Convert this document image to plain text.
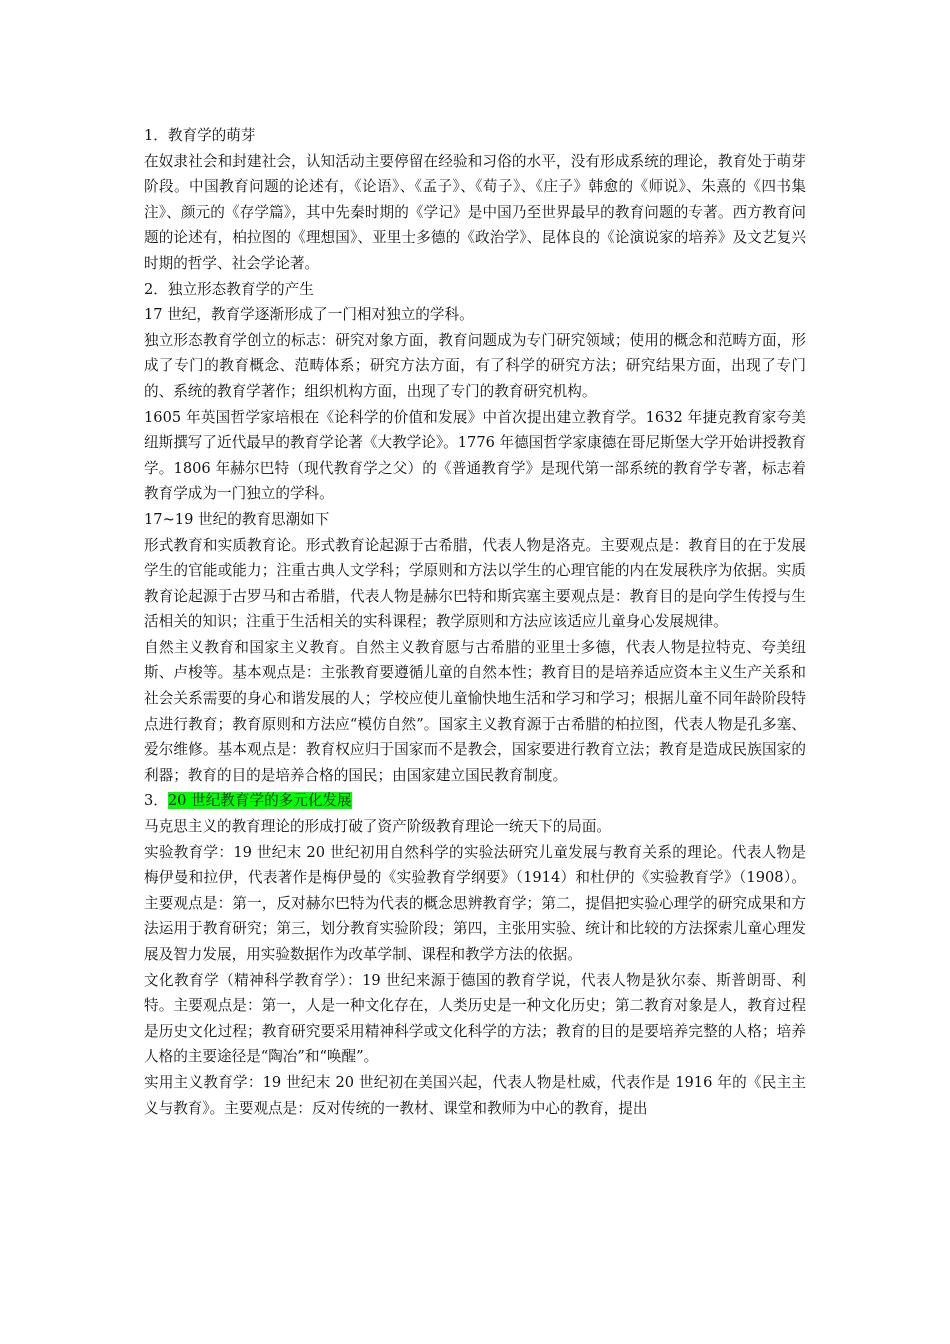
1．教育学的萌芽

在奴隶社会和封建社会，认知活动主要停留在经验和习俗的水平，没有形成系统的理论，教育处于萌芽阶段。中国教育问题的论述有，《论语》、《孟子》、《荀子》、《庄子》韩愈的《师说》、朱熹的《四书集注》、颜元的《存学篇》，其中先秦时期的《学记》是中国乃至世界最早的教育问题的专著。西方教育问题的论述有，柏拉图的《理想国》、亚里士多德的《政治学》、昆体良的《论演说家的培养》及文艺复兴时期的哲学、社会学论著。

2．独立形态教育学的产生

17 世纪，教育学逐渐形成了一门相对独立的学科。

独立形态教育学创立的标志：研究对象方面，教育问题成为专门研究领域；使用的概念和范畴方面，形成了专门的教育概念、范畴体系；研究方法方面，有了科学的研究方法；研究结果方面，出现了专门的、系统的教育学著作；组织机构方面，出现了专门的教育研究机构。

1605 年英国哲学家培根在《论科学的价值和发展》中首次提出建立教育学。1632 年捷克教育家夸美纽斯撰写了近代最早的教育学论著《大教学论》。1776 年德国哲学家康德在哥尼斯堡大学开始讲授教育学。1806 年赫尔巴特（现代教育学之父）的《普通教育学》是现代第一部系统的教育学专著，标志着教育学成为一门独立的学科。

17~19 世纪的教育思潮如下

形式教育和实质教育论。形式教育论起源于古希腊，代表人物是洛克。主要观点是：教育目的在于发展学生的官能或能力；注重古典人文学科；学原则和方法以学生的心理官能的内在发展秩序为依据。实质教育论起源于古罗马和古希腊，代表人物是赫尔巴特和斯宾塞主要观点是：教育目的是向学生传授与生活相关的知识；注重于生活相关的实科课程；教学原则和方法应该适应儿童身心发展规律。

自然主义教育和国家主义教育。自然主义教育愿与古希腊的亚里士多德，代表人物是拉特克、夸美纽斯、卢梭等。基本观点是：主张教育要遵循儿童的自然本性；教育目的是培养适应资本主义生产关系和社会关系需要的身心和谐发展的人；学校应使儿童愉快地生活和学习和学习；根据儿童不同年龄阶段特点进行教育；教育原则和方法应“模仿自然”。国家主义教育源于古希腊的柏拉图，代表人物是孔多塞、爱尔维修。基本观点是：教育权应归于国家而不是教会，国家要进行教育立法；教育是造成民族国家的利器；教育的目的是培养合格的国民；由国家建立国民教育制度。

3．20 世纪教育学的多元化发展

马克思主义的教育理论的形成打破了资产阶级教育理论一统天下的局面。

实验教育学：19 世纪末 20 世纪初用自然科学的实验法研究儿童发展与教育关系的理论。代表人物是梅伊曼和拉伊，代表著作是梅伊曼的《实验教育学纲要》（1914）和杜伊的《实验教育学》（1908）。主要观点是：第一，反对赫尔巴特为代表的概念思辨教育学；第二，提倡把实验心理学的研究成果和方法运用于教育研究；第三，划分教育实验阶段；第四，主张用实验、统计和比较的方法探索儿童心理发展及智力发展，用实验数据作为改革学制、课程和教学方法的依据。

文化教育学（精神科学教育学）：19 世纪来源于德国的教育学说，代表人物是狄尔泰、斯普朗哥、利特。主要观点是：第一，人是一种文化存在，人类历史是一种文化历史；第二教育对象是人，教育过程是历史文化过程；教育研究要采用精神科学或文化科学的方法；教育的目的是要培养完整的人格；培养人格的主要途径是“陶冶”和“唤醒”。

实用主义教育学：19 世纪末 20 世纪初在美国兴起，代表人物是杜威，代表作是 1916 年的《民主主义与教育》。主要观点是：反对传统的一教材、课堂和教师为中心的教育，提出
